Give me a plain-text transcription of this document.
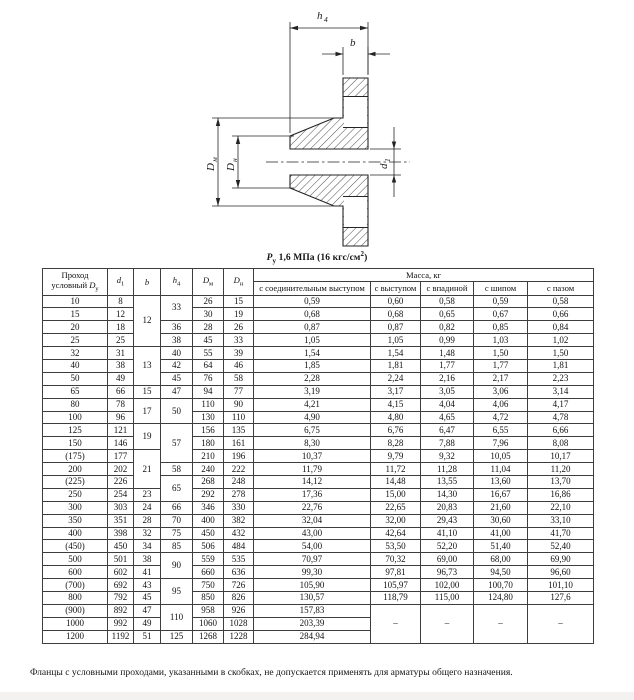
h 4
b
D
м
D
н
d
1
$P_у$ 1,6 МПа (16 кгс/$см^2$)
Проход условный $D_у$	$d_1$	b	$h_4$	$D_м$	$D_н$	Масса, кг				
						с соединительным выступом	с выступом	с впадиной	с шипом	с пазом
10	8	12	33	26	15	0,59	0,60	0,58	0,59	0,58
15	12			30	19	0,68	0,68	0,65	0,67	0,66
20	18		36	28	26	0,87	0,87	0,82	0,85	0,84
25	25		38	45	33	1,05	1,05	0,99	1,03	1,02
32	31	13	40	55	39	1,54	1,54	1,48	1,50	1,50
40	38		42	64	46	1,85	1,81	1,77	1,77	1,81
50	49		45	76	58	2,28	2,24	2,16	2,17	2,23
65	66	15	47	94	77	3,19	3,17	3,05	3,06	3,14
80	78	17	50	110	90	4,21	4,15	4,04	4,06	4,17
100	96			130	110	4,90	4,80	4,65	4,72	4,78
125	121	19	57	156	135	6,75	6,76	6,47	6,55	6,66
150	146			180	161	8,30	8,28	7,88	7,96	8,08
(175)	177	21		210	196	10,37	9,79	9,32	10,05	10,17
200	202		58	240	222	11,79	11,72	11,28	11,04	11,20
(225)	226		65	268	248	14,12	14,48	13,55	13,60	13,70
250	254	23		292	278	17,36	15,00	14,30	16,67	16,86
300	303	24	66	346	330	22,76	22,65	20,83	21,60	22,10
350	351	28	70	400	382	32,04	32,00	29,43	30,60	33,10
400	398	32	75	450	432	43,00	42,64	41,10	41,00	41,70
(450)	450	34	85	506	484	54,00	53,50	52,20	51,40	52,40
500	501	38	90	559	535	70,97	70,32	69,00	68,00	69,90
600	602	41		660	636	99,30	97,81	96,73	94,50	96,60
(700)	692	43	95	750	726	105,90	105,97	102,00	100,70	101,10
800	792	45		850	826	130,57	118,79	115,00	124,80	127,6
(900)	892	47	110	958	926	157,83	–	–	–	–
1000	992	49		1060	1028	203,39				
1200	1192	51	125	1268	1228	284,94				
Фланцы с условными проходами, указанными в скобках, не допускается применять для арматуры общего назначения.
